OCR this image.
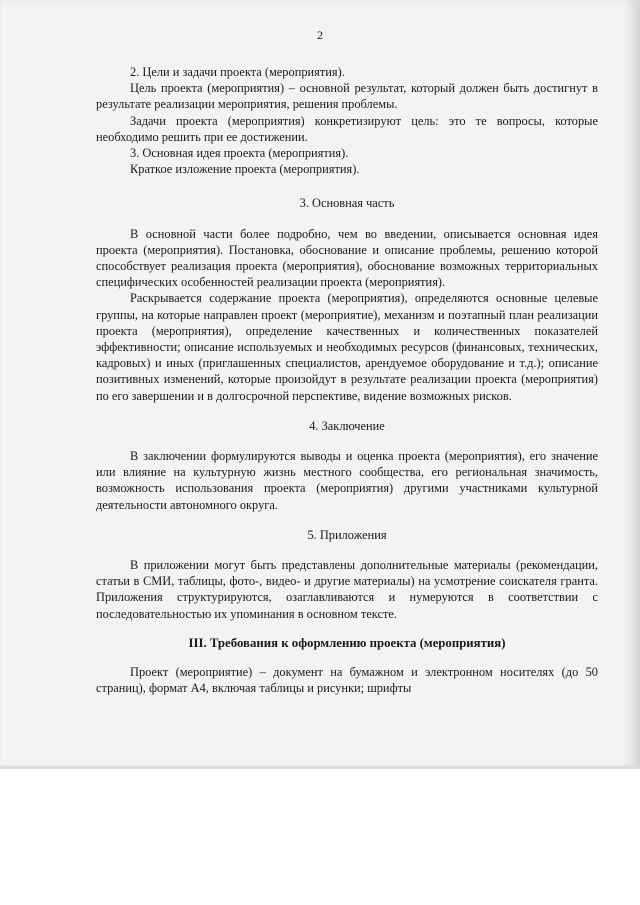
2

2. Цели и задачи проекта (мероприятия).

Цель проекта (мероприятия) – основной результат, который должен быть достигнут в результате реализации мероприятия, решения проблемы.

Задачи проекта (мероприятия) конкретизируют цель: это те вопросы, которые необходимо решить при ее достижении.

3. Основная идея проекта (мероприятия).

Краткое изложение проекта (мероприятия).

3. Основная часть

В основной части более подробно, чем во введении, описывается основная идея проекта (мероприятия). Постановка, обоснование и описание проблемы, решению которой способствует реализация проекта (мероприятия), обоснование возможных территориальных специфических особенностей реализации проекта (мероприятия).

Раскрывается содержание проекта (мероприятия), определяются основные целевые группы, на которые направлен проект (мероприятие), механизм и поэтапный план реализации проекта (мероприятия), определение качественных и количественных показателей эффективности; описание используемых и необходимых ресурсов (финансовых, технических, кадровых) и иных (приглашенных специалистов, арендуемое оборудование и т.д.); описание позитивных изменений, которые произойдут в результате реализации проекта (мероприятия) по его завершении и в долгосрочной перспективе, видение возможных рисков.

4. Заключение

В заключении формулируются выводы и оценка проекта (мероприятия), его значение или влияние на культурную жизнь местного сообщества, его региональная значимость, возможность использования проекта (мероприятия) другими участниками культурной деятельности автономного округа.

5. Приложения

В приложении могут быть представлены дополнительные материалы (рекомендации, статьи в СМИ, таблицы, фото-, видео- и другие материалы) на усмотрение соискателя гранта. Приложения структурируются, озаглавливаются и нумеруются в соответствии с последовательностью их упоминания в основном тексте.

III. Требования к оформлению проекта (мероприятия)

Проект (мероприятие) – документ на бумажном и электронном носителях (до 50 страниц), формат А4, включая таблицы и рисунки; шрифты
